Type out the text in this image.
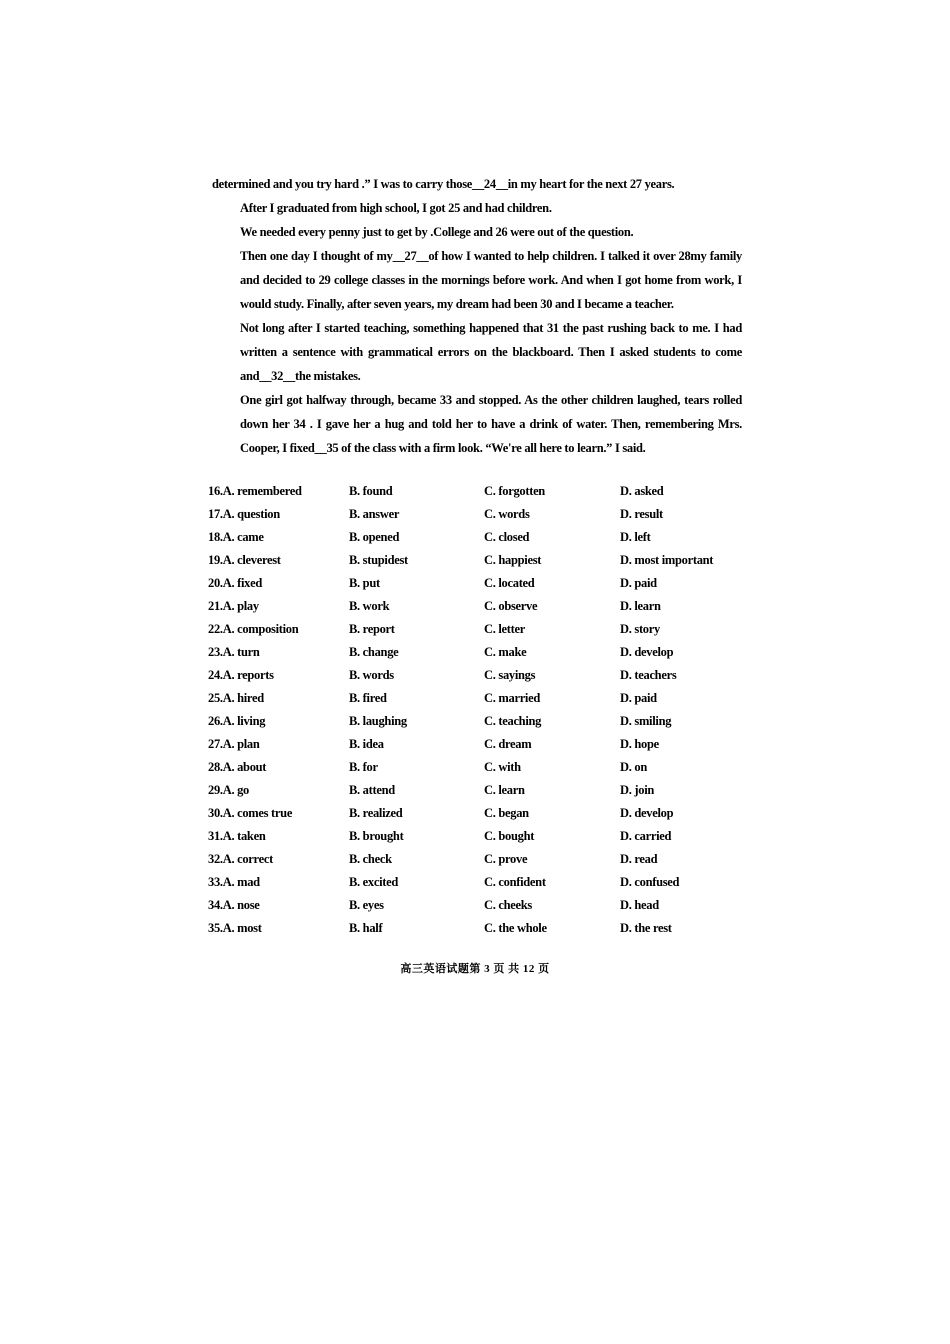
determined and you try hard .” I was to carry those__24__in my heart for the next 27 years.

After I graduated from high school, I got 25 and had children.

We needed every penny just to get by .College and 26 were out of the question.

Then one day I thought of my__27__of how I wanted to help children. I talked it over 28my family and decided to 29 college classes in the mornings before work. And when I got home from work, I would study. Finally, after seven years, my dream had been 30 and I became a teacher.

Not long after I started teaching, something happened that 31 the past rushing back to me. I had written a sentence with grammatical errors on the blackboard. Then I asked students to come and__32__the mistakes.

One girl got halfway through, became 33 and stopped. As the other children laughed, tears rolled down her 34 . I gave her a hug and told her to have a drink of water. Then, remembering Mrs. Cooper, I fixed__35 of the class with a firm look. “We're all here to learn.” I said.

16.A. remembered	B. found	C. forgotten	D. asked
17.A. question	B. answer	C. words	D. result
18.A. came	B. opened	C. closed	D. left
19.A. cleverest	B. stupidest	C. happiest	D. most important
20.A. fixed	B. put	C. located	D. paid
21.A. play	B. work	C. observe	D. learn
22.A. composition	B. report	C. letter	D. story
23.A. turn	B. change	C. make	D. develop
24.A. reports	B. words	C. sayings	D. teachers
25.A. hired	B. fired	C. married	D. paid
26.A. living	B. laughing	C. teaching	D. smiling
27.A. plan	B. idea	C. dream	D. hope
28.A. about	B. for	C. with	D. on
29.A. go	B. attend	C. learn	D. join
30.A. comes true	B. realized	C. began	D. develop
31.A. taken	B. brought	C. bought	D. carried
32.A. correct	B. check	C. prove	D. read
33.A. mad	B. excited	C. confident	D. confused
34.A. nose	B. eyes	C. cheeks	D. head
35.A. most	B. half	C. the whole	D. the rest
高三英语试题第 3 页 共 12 页
